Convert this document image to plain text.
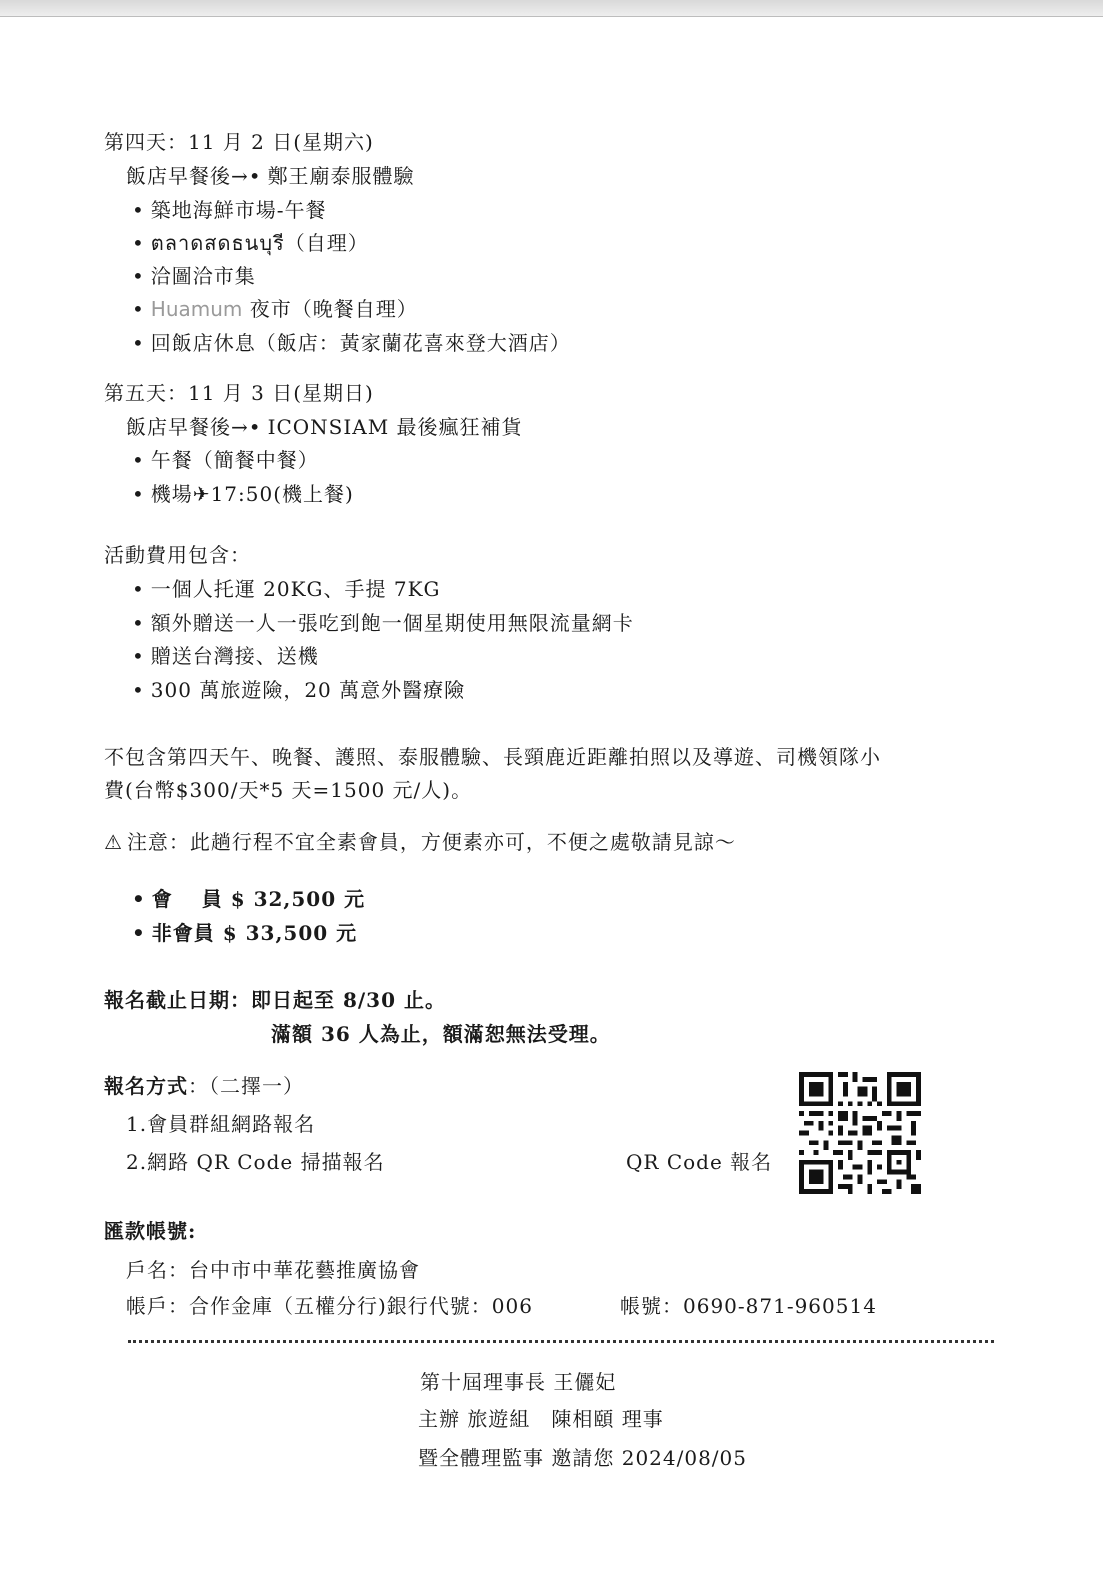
第四天：11 月 2 日(星期六)
飯店早餐後→ • 鄭王廟泰服體驗
• 築地海鮮市場-午餐
• ตลาดสดธนบุรี（自理）
• 洽圖洽市集
• Huamum 夜市（晚餐自理）
• 回飯店休息（飯店：黃家蘭花喜來登大酒店）
第五天：11 月 3 日(星期日)
飯店早餐後→ • ICONSIAM 最後瘋狂補貨
• 午餐（簡餐中餐）
• 機場✈17:50(機上餐)
活動費用包含：
• 一個人托運 20KG、手提 7KG
• 額外贈送一人一張吃到飽一個星期使用無限流量網卡
• 贈送台灣接、送機
• 300 萬旅遊險，20 萬意外醫療險
不包含第四天午、晚餐、護照、泰服體驗、長頸鹿近距離拍照以及導遊、司機領隊小
費(台幣$300/天*5 天=1500 元/人)。
⚠ 注意：此趟行程不宜全素會員，方便素亦可，不便之處敬請見諒～
• 會　 員 $ 32,500 元
• 非會員 $ 33,500 元
報名截止日期：即日起至 8/30 止。
滿額 36 人為止，額滿恕無法受理。
報名方式：（二擇一）
1.會員群組網路報名
2.網路 QR Code 掃描報名	QR Code 報名
匯款帳號:
戶名：台中市中華花藝推廣協會
帳戶：合作金庫（五權分行)銀行代號：006	帳號：0690-871-960514
第十屆理事長 王儷妃
主辦 旅遊組　陳相頤 理事
暨全體理監事 邀請您 2024/08/05
